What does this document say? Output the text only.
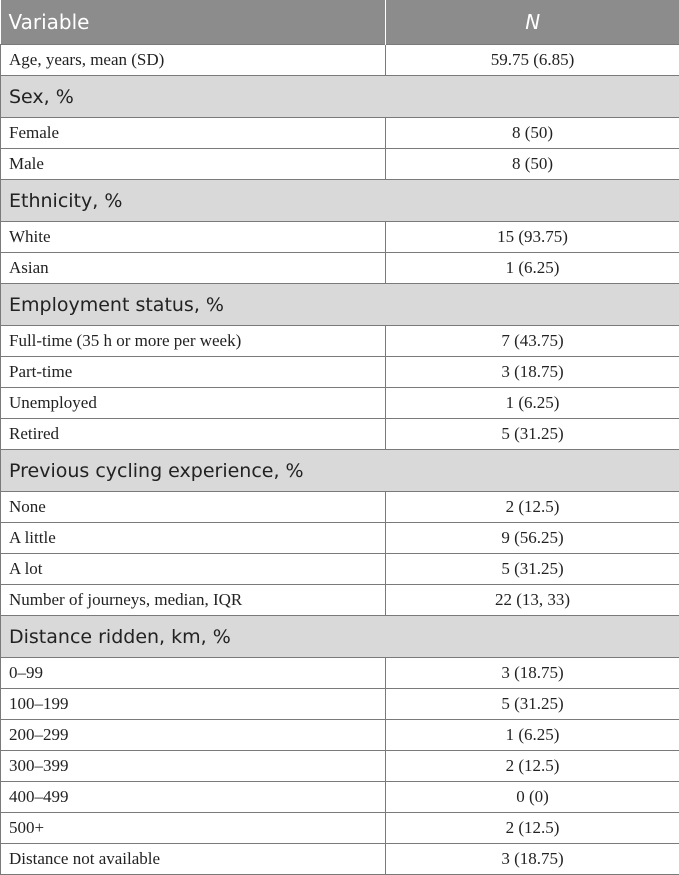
Variable	N
Age, years, mean (SD)	59.75 (6.85)
Sex, %	
Female	8 (50)
Male	8 (50)
Ethnicity, %	
White	15 (93.75)
Asian	1 (6.25)
Employment status, %	
Full-time (35 h or more per week)	7 (43.75)
Part-time	3 (18.75)
Unemployed	1 (6.25)
Retired	5 (31.25)
Previous cycling experience, %	
None	2 (12.5)
A little	9 (56.25)
A lot	5 (31.25)
Number of journeys, median, IQR	22 (13, 33)
Distance ridden, km, %	
0–99	3 (18.75)
100–199	5 (31.25)
200–299	1 (6.25)
300–399	2 (12.5)
400–499	0 (0)
500+	2 (12.5)
Distance not available	3 (18.75)
